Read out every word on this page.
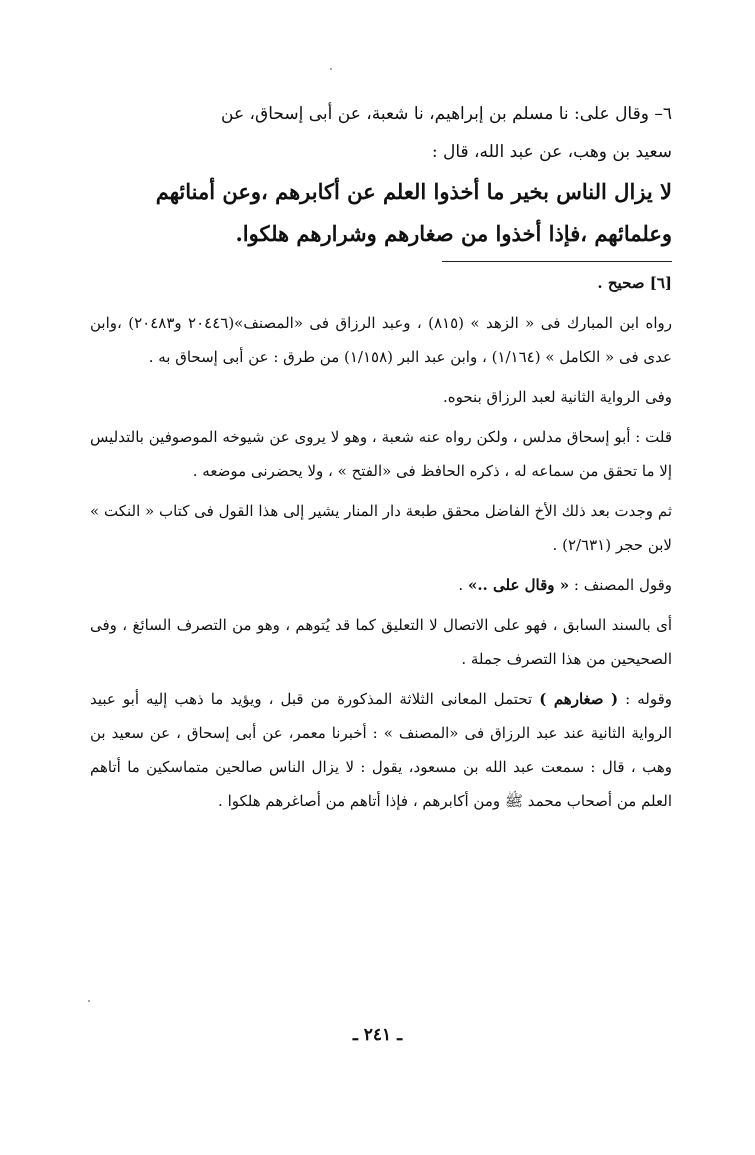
٦– وقال على: نا مسلم بن إبراهيم، نا شعبة، عن أبى إسحاق، عن

سعيد بن وهب، عن عبد الله، قال :

لا يزال الناس بخير ما أخذوا العلم عن أكابرهم ،وعن أمنائهم

وعلمائهم ،فإذا أخذوا من صغارهم وشرارهم هلكوا.

[٦] صحيح .

رواه ابن المبارك فى « الزهد » (٨١٥) ، وعبد الرزاق فى «المصنف»(٢٠٤٤٦ و٢٠٤٨٣) ،وابن عدى فى « الكامل » (١/١٦٤) ، وابن عبد البر (١/١٥٨) من طرق : عن أبى إسحاق به .

وفى الرواية الثانية لعبد الرزاق بنحوه.

قلت : أبو إسحاق مدلس ، ولكن رواه عنه شعبة ، وهو لا يروى عن شيوخه الموصوفين بالتدليس إلا ما تحقق من سماعه له ، ذكره الحافظ فى «الفتح » ، ولا يحضرنى موضعه .

ثم وجدت بعد ذلك الأخ الفاضل محقق طبعة دار المنار يشير إلى هذا القول فى كتاب « النكت » لابن حجر (٢/٦٣١) .

وقول المصنف : « وقال على ..» .

أى بالسند السابق ، فهو على الاتصال لا التعليق كما قد يُتوهم ، وهو من التصرف السائغ ، وفى الصحيحين من هذا التصرف جملة .

وقوله : ( صغارهم ) تحتمل المعانى الثلاثة المذكورة من قبل ، ويؤيد ما ذهب إليه أبو عبيد الرواية الثانية عند عبد الرزاق فى «المصنف » : أخبرنا معمر، عن أبى إسحاق ، عن سعيد بن وهب ، قال : سمعت عبد الله بن مسعود، يقول : لا يزال الناس صالحين متماسكين ما أتاهم العلم من أصحاب محمد ﷺ ومن أكابرهم ، فإذا أتاهم من أصاغرهم هلكوا .

ـ ٢٤١ ـ
